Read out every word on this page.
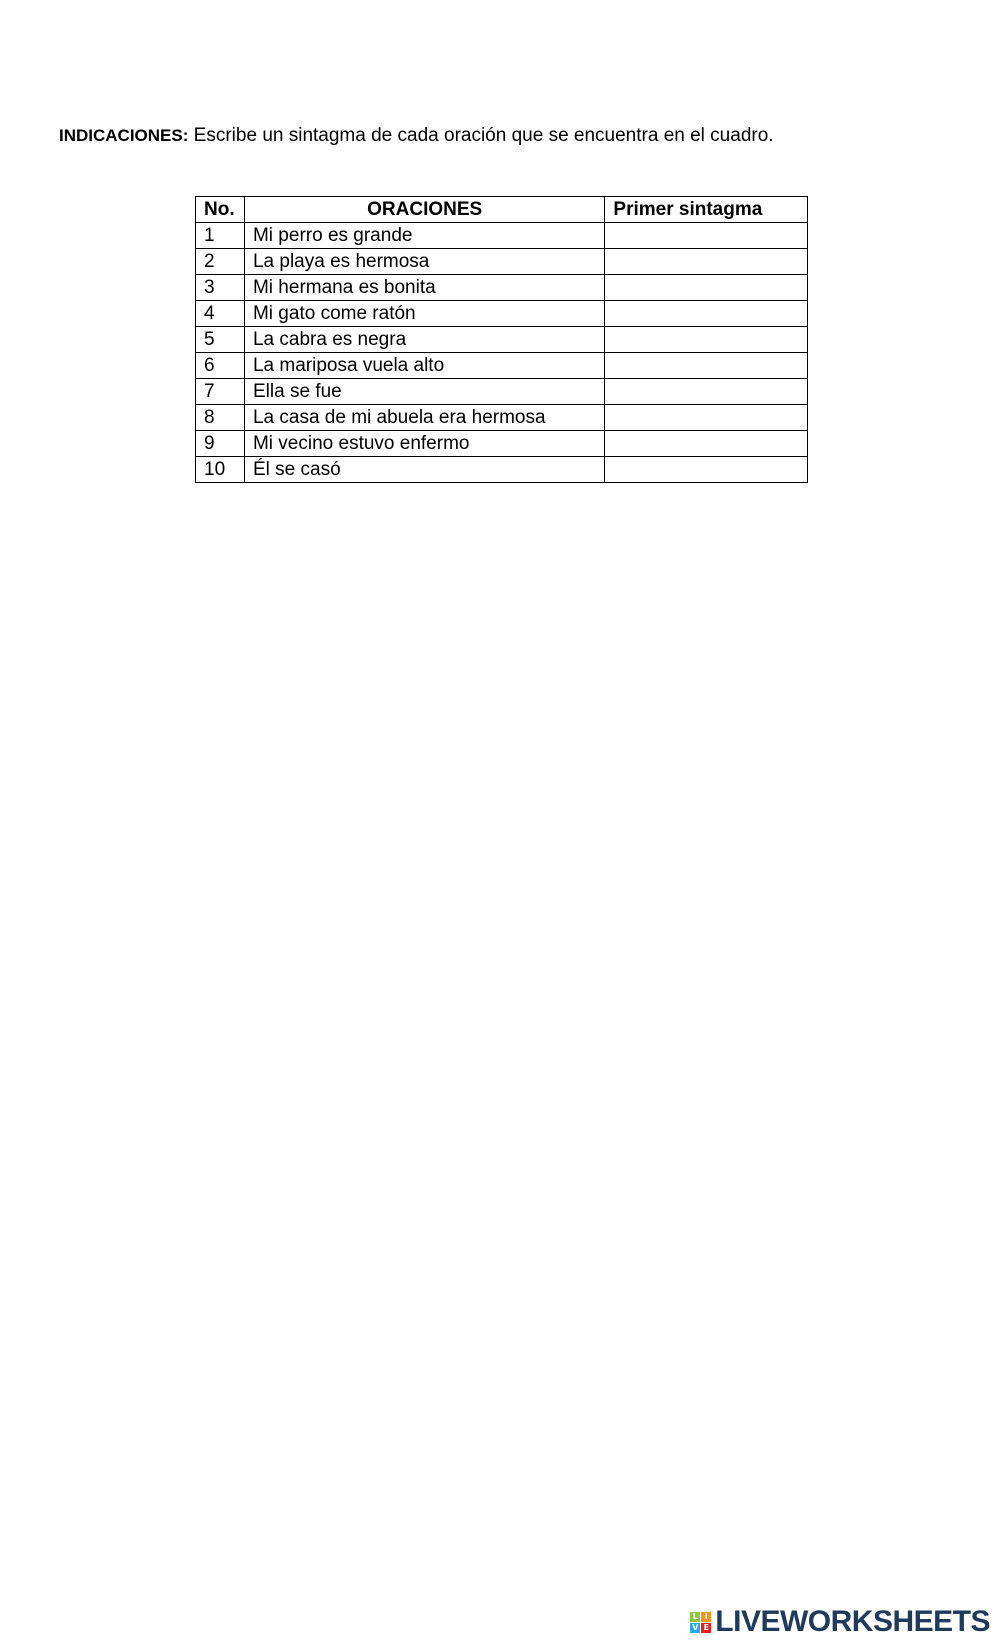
INDICACIONES: Escribe un sintagma de cada oración que se encuentra en el cuadro.
No.	ORACIONES	Primer sintagma
1	Mi perro es grande	
2	La playa es hermosa	
3	Mi hermana es bonita	
4	Mi gato come ratón	
5	La cabra es negra	
6	La mariposa vuela alto	
7	Ella se fue	
8	La casa de mi abuela era hermosa	
9	Mi vecino estuvo enfermo	
10	Él se casó	
L I
V E LIVEWORKSHEETS
